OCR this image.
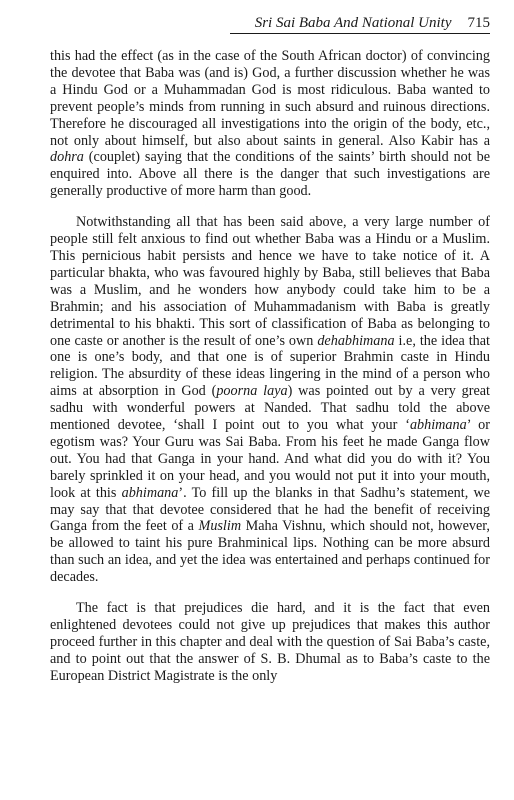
Sri Sai Baba And National Unity 715

this had the effect (as in the case of the South African doctor) of convincing the devotee that Baba was (and is) God, a further discussion whether he was a Hindu God or a Muhammadan God is most ridiculous. Baba wanted to prevent people’s minds from running in such absurd and ruinous directions. Therefore he discouraged all investigations into the origin of the body, etc., not only about himself, but also about saints in general. Also Kabir has a dohra (couplet) saying that the conditions of the saints’ birth should not be enquired into. Above all there is the danger that such investigations are generally productive of more harm than good.

Notwithstanding all that has been said above, a very large number of people still felt anxious to find out whether Baba was a Hindu or a Muslim. This pernicious habit persists and hence we have to take notice of it. A particular bhakta, who was favoured highly by Baba, still believes that Baba was a Muslim, and he wonders how anybody could take him to be a Brahmin; and his association of Muhammadanism with Baba is greatly detrimental to his bhakti. This sort of classification of Baba as belonging to one caste or another is the result of one’s own dehabhimana i.e, the idea that one is one’s body, and that one is of superior Brahmin caste in Hindu religion. The absurdity of these ideas lingering in the mind of a person who aims at absorption in God (poorna laya) was pointed out by a very great sadhu with wonderful powers at Nanded. That sadhu told the above mentioned devotee, ‘shall I point out to you what your ‘abhimana’ or egotism was? Your Guru was Sai Baba. From his feet he made Ganga flow out. You had that Ganga in your hand. And what did you do with it? You barely sprinkled it on your head, and you would not put it into your mouth, look at this abhimana’. To fill up the blanks in that Sadhu’s statement, we may say that that devotee considered that he had the benefit of receiving Ganga from the feet of a Muslim Maha Vishnu, which should not, however, be allowed to taint his pure Brahminical lips. Nothing can be more absurd than such an idea, and yet the idea was entertained and perhaps continued for decades.

The fact is that prejudices die hard, and it is the fact that even enlightened devotees could not give up prejudices that makes this author proceed further in this chapter and deal with the question of Sai Baba’s caste, and to point out that the answer of S. B. Dhumal as to Baba’s caste to the European District Magistrate is the only
